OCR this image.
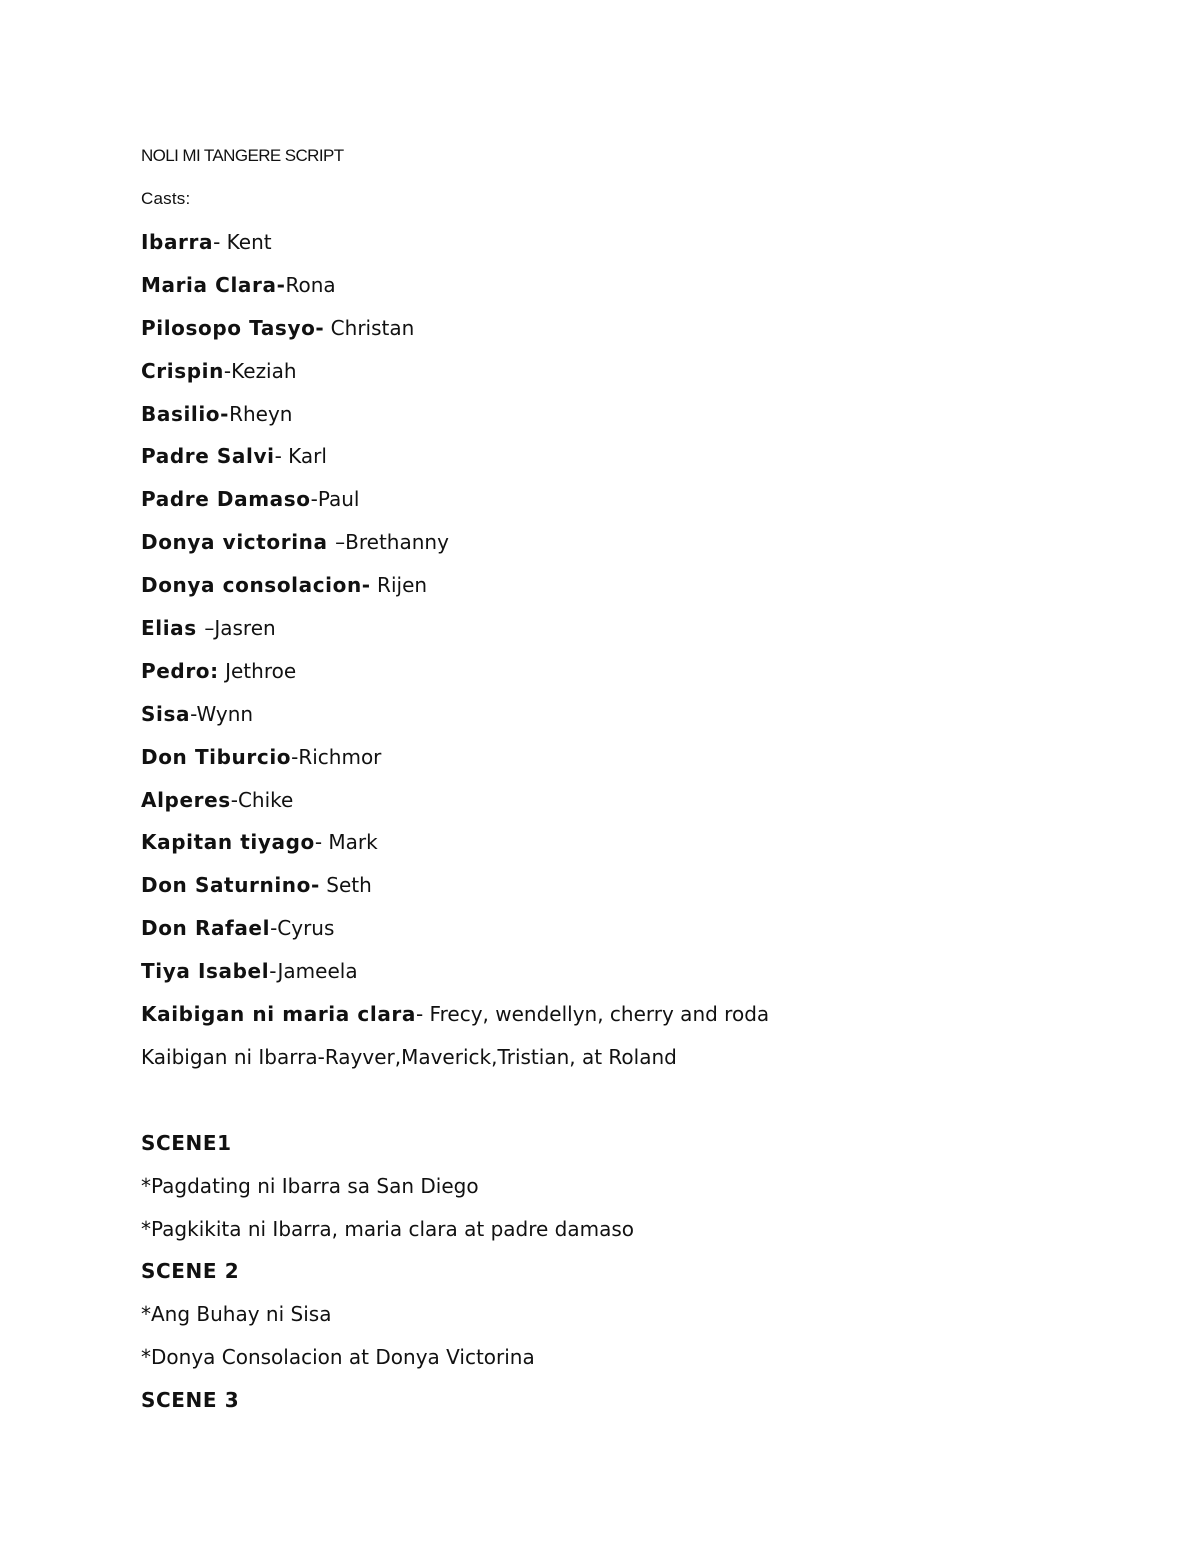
NOLI MI TANGERE SCRIPT
Casts:
Ibarra- Kent
Maria Clara-Rona
Pilosopo Tasyo- Christan
Crispin-Keziah
Basilio-Rheyn
Padre Salvi- Karl
Padre Damaso-Paul
Donya victorina –Brethanny
Donya consolacion- Rijen
Elias –Jasren
Pedro: Jethroe
Sisa-Wynn
Don Tiburcio-Richmor
Alperes-Chike
Kapitan tiyago- Mark
Don Saturnino- Seth
Don Rafael-Cyrus
Tiya Isabel-Jameela
Kaibigan ni maria clara- Frecy, wendellyn, cherry and roda
Kaibigan ni Ibarra-Rayver,Maverick,Tristian, at Roland
SCENE1
*Pagdating ni Ibarra sa San Diego
*Pagkikita ni Ibarra, maria clara at padre damaso
SCENE 2
*Ang Buhay ni Sisa
*Donya Consolacion at Donya Victorina
SCENE 3
